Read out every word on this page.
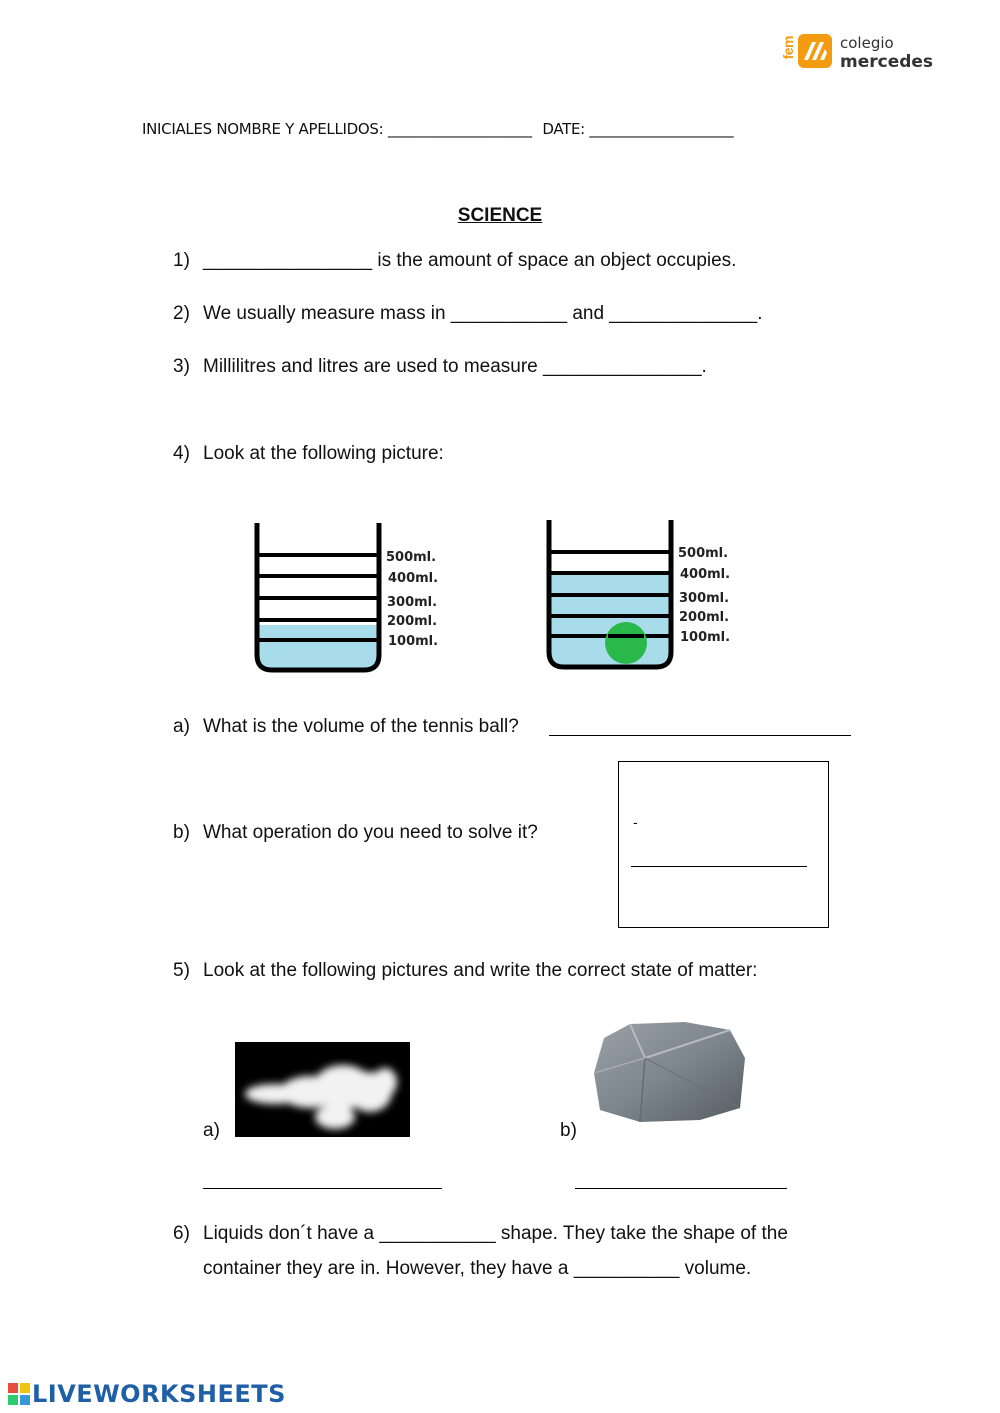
fem	colegio
mercedes
INICIALES NOMBRE Y APELLIDOS: ____________________ DATE: ____________________
SCIENCE
1) ________________ is the amount of space an object occupies.
2) We usually measure mass in ___________ and ______________.
3) Millilitres and litres are used to measure _______________.
4) Look at the following picture:
500ml.
400ml.
300ml.
200ml.
100ml.
500ml.
400ml.
300ml.
200ml.
100ml.
a) What is the volume of the tennis ball?
b) What operation do you need to solve it?	-
5) Look at the following pictures and write the correct state of matter:
a)	b)
6) Liquids don´t have a ___________ shape. They take the shape of the
container they are in. However, they have a __________ volume.
LIVEWORKSHEETS
